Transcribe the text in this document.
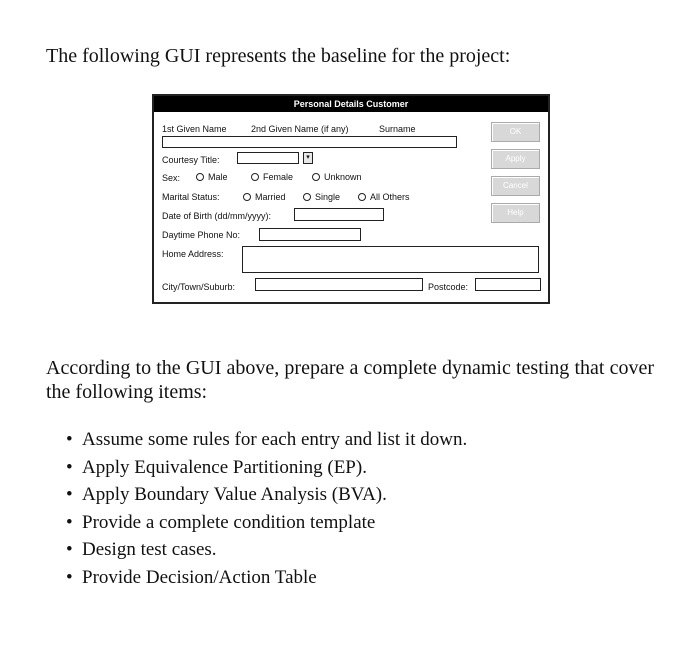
The following GUI represents the baseline for the project:
Personal Details Customer
1st Given Name	2nd Given Name (if any)	Surname
Courtesy Title:	▾
Sex:	Male	Female	Unknown
Marital Status:	Married	Single	All Others
Date of Birth (dd/mm/yyyy):
Daytime Phone No:
Home Address:
City/Town/Suburb:	Postcode:
OK
Apply
Cancel
Help
According to the GUI above, prepare a complete dynamic testing that cover the following items:
• Assume some rules for each entry and list it down.
• Apply Equivalence Partitioning (EP).
• Apply Boundary Value Analysis (BVA).
• Provide a complete condition template
• Design test cases.
• Provide Decision/Action Table
